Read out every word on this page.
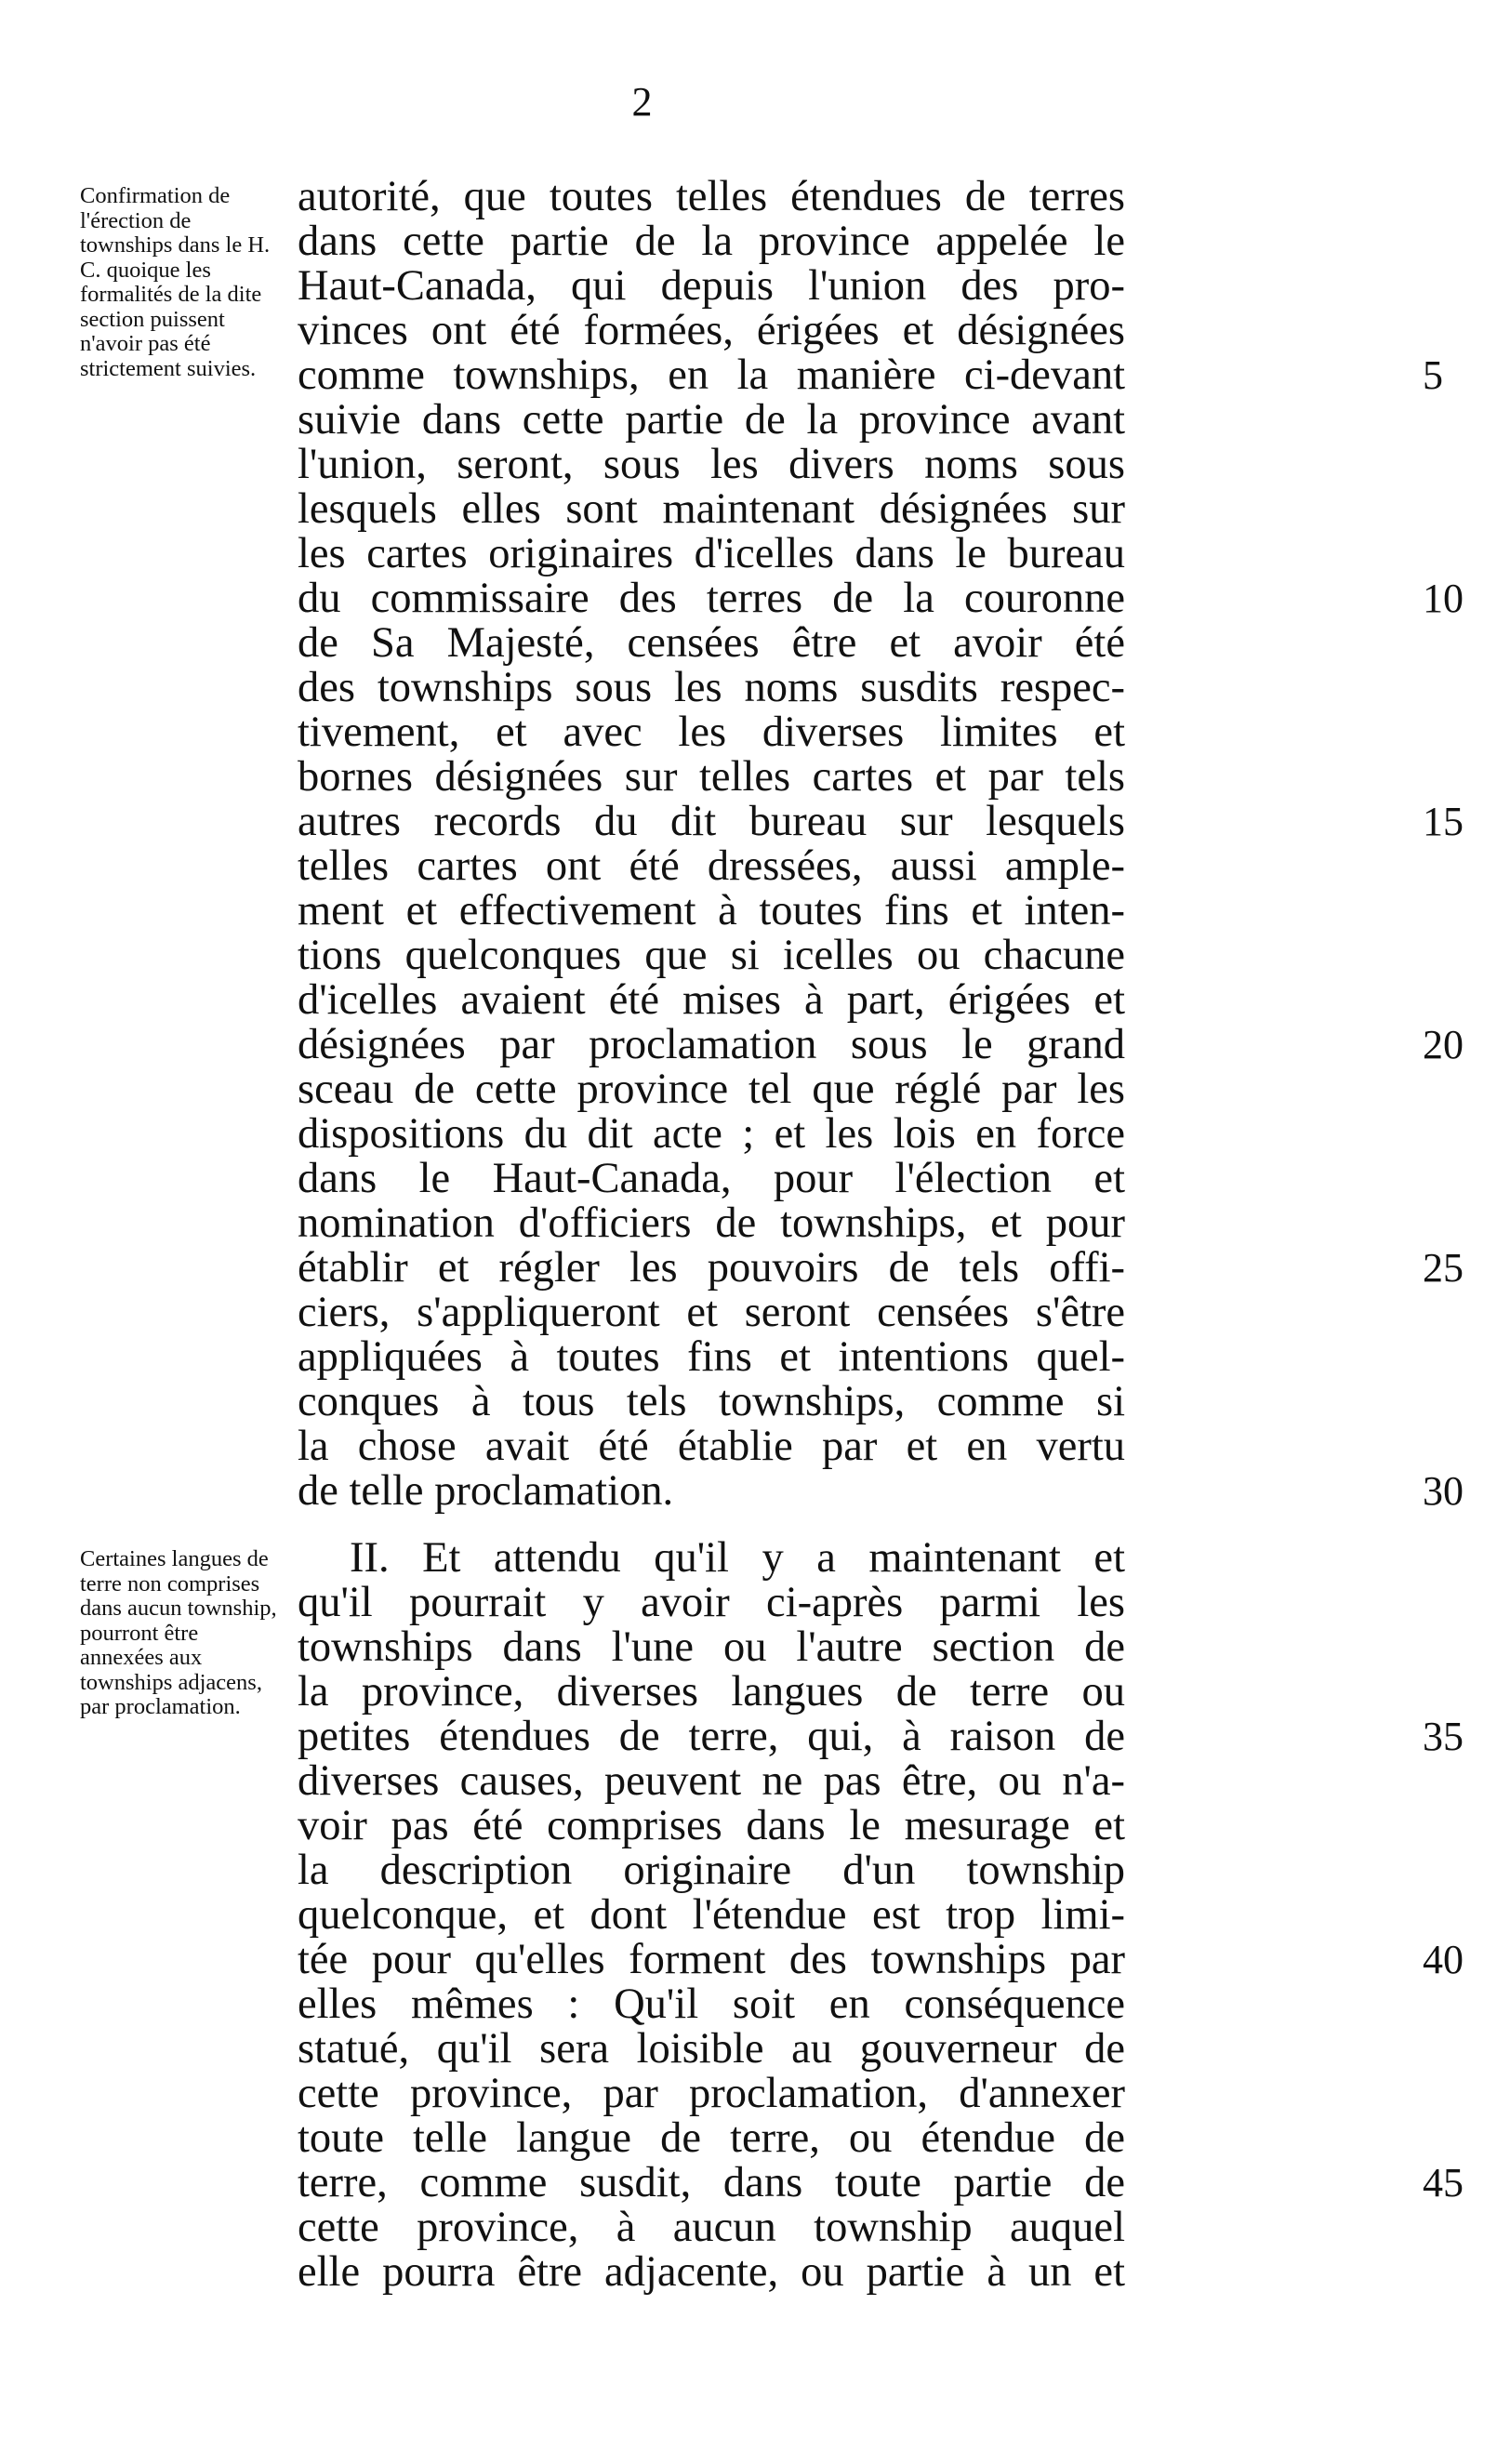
2
Confirmation de l'érection de townships dans le H. C. quoique les formalités de la dite section puissent n'avoir pas été strictement suivies.
Certaines langues de terre non comprises dans aucun township, pourront être annexées aux townships adjacens, par proclamation.
autorité, que toutes telles étendues de terres
dans cette partie de la province appelée le
Haut-Canada, qui depuis l'union des pro-
vinces ont été formées, érigées et désignées
comme townships, en la manière ci-devant
suivie dans cette partie de la province avant
l'union, seront, sous les divers noms sous
lesquels elles sont maintenant désignées sur
les cartes originaires d'icelles dans le bureau
du commissaire des terres de la couronne
de Sa Majesté, censées être et avoir été
des townships sous les noms susdits respec-
tivement, et avec les diverses limites et
bornes désignées sur telles cartes et par tels
autres records du dit bureau sur lesquels
telles cartes ont été dressées, aussi ample-
ment et effectivement à toutes fins et inten-
tions quelconques que si icelles ou chacune
d'icelles avaient été mises à part, érigées et
désignées par proclamation sous le grand
sceau de cette province tel que réglé par les
dispositions du dit acte ; et les lois en force
dans le Haut-Canada, pour l'élection et
nomination d'officiers de townships, et pour
établir et régler les pouvoirs de tels offi-
ciers, s'appliqueront et seront censées s'être
appliquées à toutes fins et intentions quel-
conques à tous tels townships, comme si
la chose avait été établie par et en vertu
de telle proclamation.
5
10
15
20
25
30
II. Et attendu qu'il y a maintenant et
qu'il pourrait y avoir ci-après parmi les
townships dans l'une ou l'autre section de
la province, diverses langues de terre ou
petites étendues de terre, qui, à raison de
diverses causes, peuvent ne pas être, ou n'a-
voir pas été comprises dans le mesurage et
la description originaire d'un township
quelconque, et dont l'étendue est trop limi-
tée pour qu'elles forment des townships par
elles mêmes : Qu'il soit en conséquence
statué, qu'il sera loisible au gouverneur de
cette province, par proclamation, d'annexer
toute telle langue de terre, ou étendue de
terre, comme susdit, dans toute partie de
cette province, à aucun township auquel
elle pourra être adjacente, ou partie à un et
35
40
45
